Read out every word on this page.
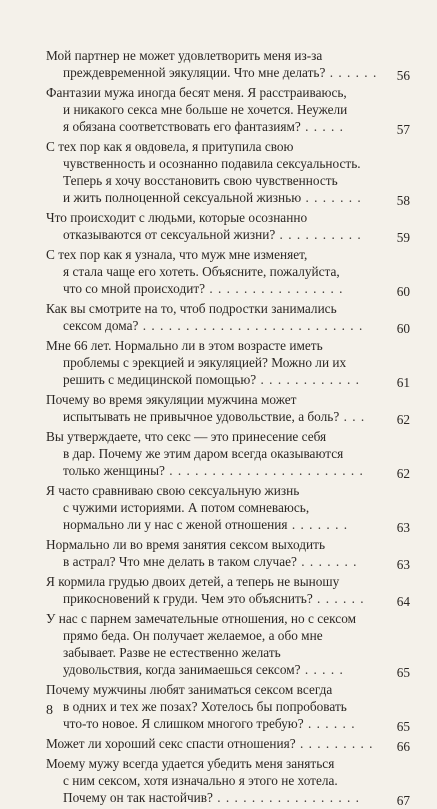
Мой партнер не может удовлетворить меня из-за
преждевременной эякуляции. Что мне делать? . . . . . .	56
Фантазии мужа иногда бесят меня. Я расстраиваюсь,
и никакого секса мне больше не хочется. Неужели
я обязана соответствовать его фантазиям? . . . . .	57
С тех пор как я овдовела, я притупила свою
чувственность и осознанно подавила сексуальность.
Теперь я хочу восстановить свою чувственность
и жить полноценной сексуальной жизнью . . . . . . .	58
Что происходит с людьми, которые осознанно
отказываются от сексуальной жизни? . . . . . . . . . .	59
С тех пор как я узнала, что муж мне изменяет,
я стала чаще его хотеть. Объясните, пожалуйста,
что со мной происходит? . . . . . . . . . . . . . . . .	60
Как вы смотрите на то, чтоб подростки занимались
сексом дома? . . . . . . . . . . . . . . . . . . . . . . . . . .	60
Мне 66 лет. Нормально ли в этом возрасте иметь
проблемы с эрекцией и эякуляцией? Можно ли их
решить с медицинской помощью? . . . . . . . . . . . .	61
Почему во время эякуляции мужчина может
испытывать не привычное удовольствие, а боль? . . .	62
Вы утверждаете, что секс — это принесение себя
в дар. Почему же этим даром всегда оказываются
только женщины? . . . . . . . . . . . . . . . . . . . . . . .	62
Я часто сравниваю свою сексуальную жизнь
с чужими историями. А потом сомневаюсь,
нормально ли у нас с женой отношения . . . . . . .	63
Нормально ли во время занятия сексом выходить
в астрал? Что мне делать в таком случае? . . . . . . .	63
Я кормила грудью двоих детей, а теперь не выношу
прикосновений к груди. Чем это объяснить? . . . . . .	64
У нас с парнем замечательные отношения, но с сексом
прямо беда. Он получает желаемое, а обо мне
забывает. Разве не естественно желать
удовольствия, когда занимаешься сексом? . . . . .	65
Почему мужчины любят заниматься сексом всегда
в одних и тех же позах? Хотелось бы попробовать
что-то новое. Я слишком многого требую? . . . . . .	65
Может ли хороший секс спасти отношения? . . . . . . . . .	66
Моему мужу всегда удается убедить меня заняться
с ним сексом, хотя изначально я этого не хотела.
Почему он так настойчив? . . . . . . . . . . . . . . . . .	67
8
